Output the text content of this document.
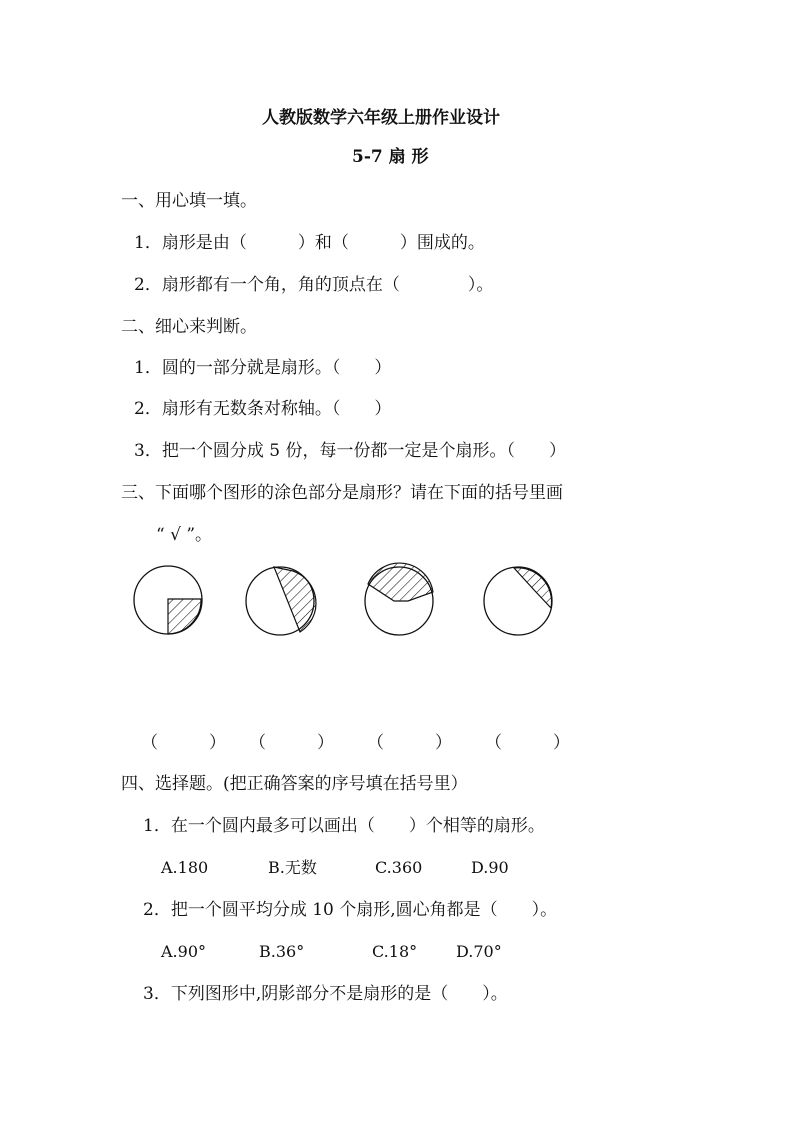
人教版数学六年级上册作业设计
5-7 扇 形
一、用心填一填。
1．扇形是由（　　　）和（　　　）围成的。
2．扇形都有一个角，角的顶点在（　　　　）。
二、细心来判断。
1．圆的一部分就是扇形。（　　）
2．扇形有无数条对称轴。（　　）
3．把一个圆分成 5 份，每一份都一定是个扇形。（　　）
三、下面哪个图形的涂色部分是扇形？请在下面的括号里画
“ √ ”。
（　　　） （　　　） （　　　） （　　　）
四、选择题。(把正确答案的序号填在括号里）
1．在一个圆内最多可以画出（　　）个相等的扇形。
A.180	B.无数	C.360	D.90
2．把一个圆平均分成 10 个扇形,圆心角都是（　　）。
A.90°	B.36°	C.18° D.70°
3．下列图形中,阴影部分不是扇形的是（　　）。
